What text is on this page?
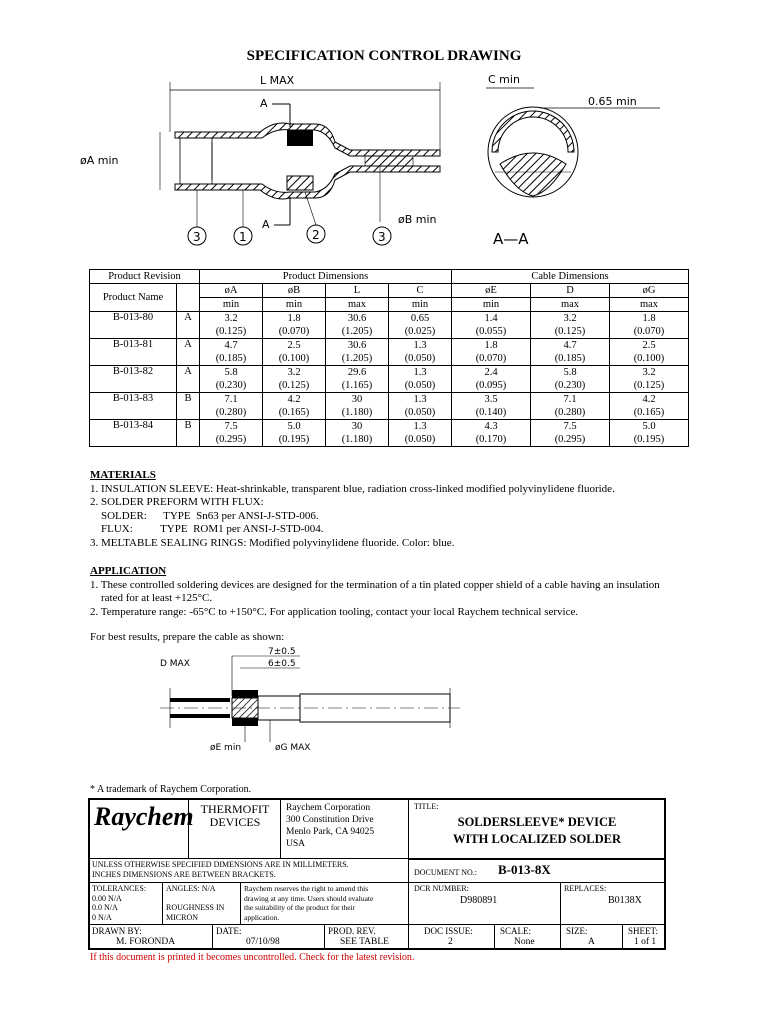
SPECIFICATION CONTROL DRAWING
L MAX	C min
0.65 min
A
øA min
A	øB min
A—A
3	1	2	3
Product Revision		Product Dimensions				Cable Dimensions		
Product Name		øA	øB	L	C	øE	D	øG
		min	min	max	min	min	max	max
B-013-80	A	3.2	1.8	30.6	0.65	1.4	3.2	1.8
		(0.125)	(0.070)	(1.205)	(0.025)	(0.055)	(0.125)	(0.070)
B-013-81	A	4.7	2.5	30.6	1.3	1.8	4.7	2.5
		(0.185)	(0.100)	(1.205)	(0.050)	(0.070)	(0.185)	(0.100)
B-013-82	A	5.8	3.2	29.6	1.3	2.4	5.8	3.2
		(0.230)	(0.125)	(1.165)	(0.050)	(0.095)	(0.230)	(0.125)
B-013-83	B	7.1	4.2	30	1.3	3.5	7.1	4.2
		(0.280)	(0.165)	(1.180)	(0.050)	(0.140)	(0.280)	(0.165)
B-013-84	B	7.5	5.0	30	1.3	4.3	7.5	5.0
		(0.295)	(0.195)	(1.180)	(0.050)	(0.170)	(0.295)	(0.195)
MATERIALS
1. INSULATION SLEEVE: Heat-shrinkable, transparent blue, radiation cross-linked modified polyvinylidene fluoride.
2. SOLDER PREFORM WITH FLUX:
SOLDER:      TYPE  Sn63 per ANSI-J-STD-006.
FLUX:          TYPE  ROM1 per ANSI-J-STD-004.
3. MELTABLE SEALING RINGS: Modified polyvinylidene fluoride. Color: blue.
APPLICATION
1. These controlled soldering devices are designed for the termination of a tin plated copper shield of a cable having an insulation
rated for at least +125°C.
2. Temperature range: -65°C to +150°C. For application tooling, contact your local Raychem technical service.
For best results, prepare the cable as shown:
D MAX
7±0.5
6±0.5
øE min	øG MAX
* A trademark of Raychem Corporation.
Raychem THERMOFIT
DEVICES
Raychem Corporation
300 Constitution Drive
Menlo Park, CA 94025
USA
TITLE:
SOLDERSLEEVE* DEVICE
WITH LOCALIZED SOLDER
UNLESS OTHERWISE SPECIFIED DIMENSIONS ARE IN MILLIMETERS.
INCHES DIMENSIONS ARE BETWEEN BRACKETS.	DOCUMENT NO.: B-013-8X
TOLERANCES:
0.00 N/A
0.0 N/A
0 N/A
ANGLES: N/A
ROUGHNESS IN
MICRON
Raychem reserves the right to amend this
drawing at any time. Users should evaluate
the suitability of the product for their
application.
DCR NUMBER:
D980891
REPLACES:
B0138X
DRAWN BY:
M. FORONDA
DATE:
07/10/98
PROD. REV.
SEE TABLE
DOC ISSUE:
2
SCALE:
None
SIZE:
A
SHEET:
1 of 1
If this document is printed it becomes uncontrolled. Check for the latest revision.
